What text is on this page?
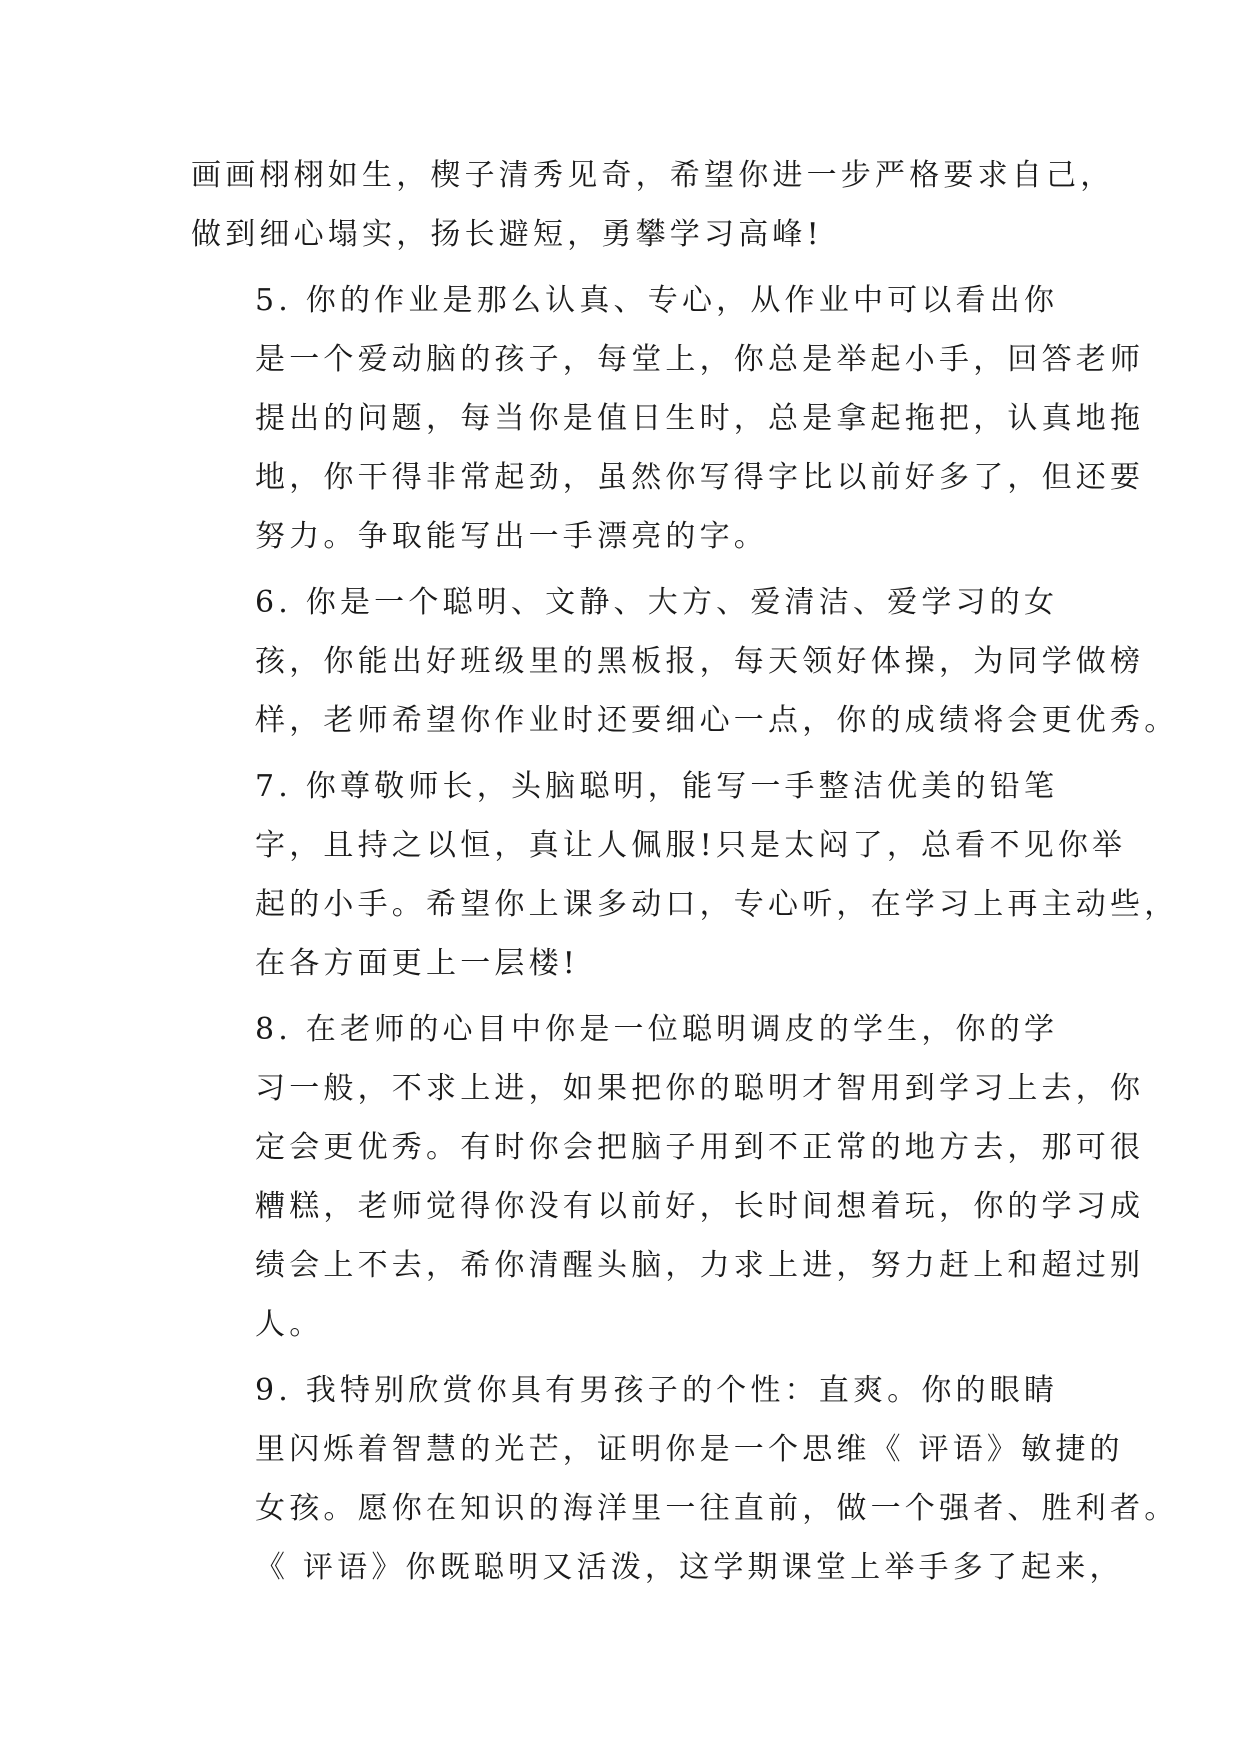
画画栩栩如生，楔子清秀见奇，希望你进一步严格要求自己，
做到细心塌实，扬长避短，勇攀学习高峰!

5. 你的作业是那么认真、专心，从作业中可以看出你
是一个爱动脑的孩子，每堂上，你总是举起小手，回答老师
提出的问题，每当你是值日生时，总是拿起拖把，认真地拖
地，你干得非常起劲，虽然你写得字比以前好多了，但还要
努力。争取能写出一手漂亮的字。

6. 你是一个聪明、文静、大方、爱清洁、爱学习的女
孩，你能出好班级里的黑板报，每天领好体操，为同学做榜
样，老师希望你作业时还要细心一点，你的成绩将会更优秀。

7. 你尊敬师长，头脑聪明，能写一手整洁优美的铅笔
字，且持之以恒，真让人佩服!只是太闷了，总看不见你举
起的小手。希望你上课多动口，专心听，在学习上再主动些，
在各方面更上一层楼!

8. 在老师的心目中你是一位聪明调皮的学生，你的学
习一般，不求上进，如果把你的聪明才智用到学习上去，你
定会更优秀。有时你会把脑子用到不正常的地方去，那可很
糟糕，老师觉得你没有以前好，长时间想着玩，你的学习成
绩会上不去，希你清醒头脑，力求上进，努力赶上和超过别
人。

9. 我特别欣赏你具有男孩子的个性：直爽。你的眼睛
里闪烁着智慧的光芒，证明你是一个思维《 评语》敏捷的
女孩。愿你在知识的海洋里一往直前，做一个强者、胜利者。
《 评语》你既聪明又活泼，这学期课堂上举手多了起来，
